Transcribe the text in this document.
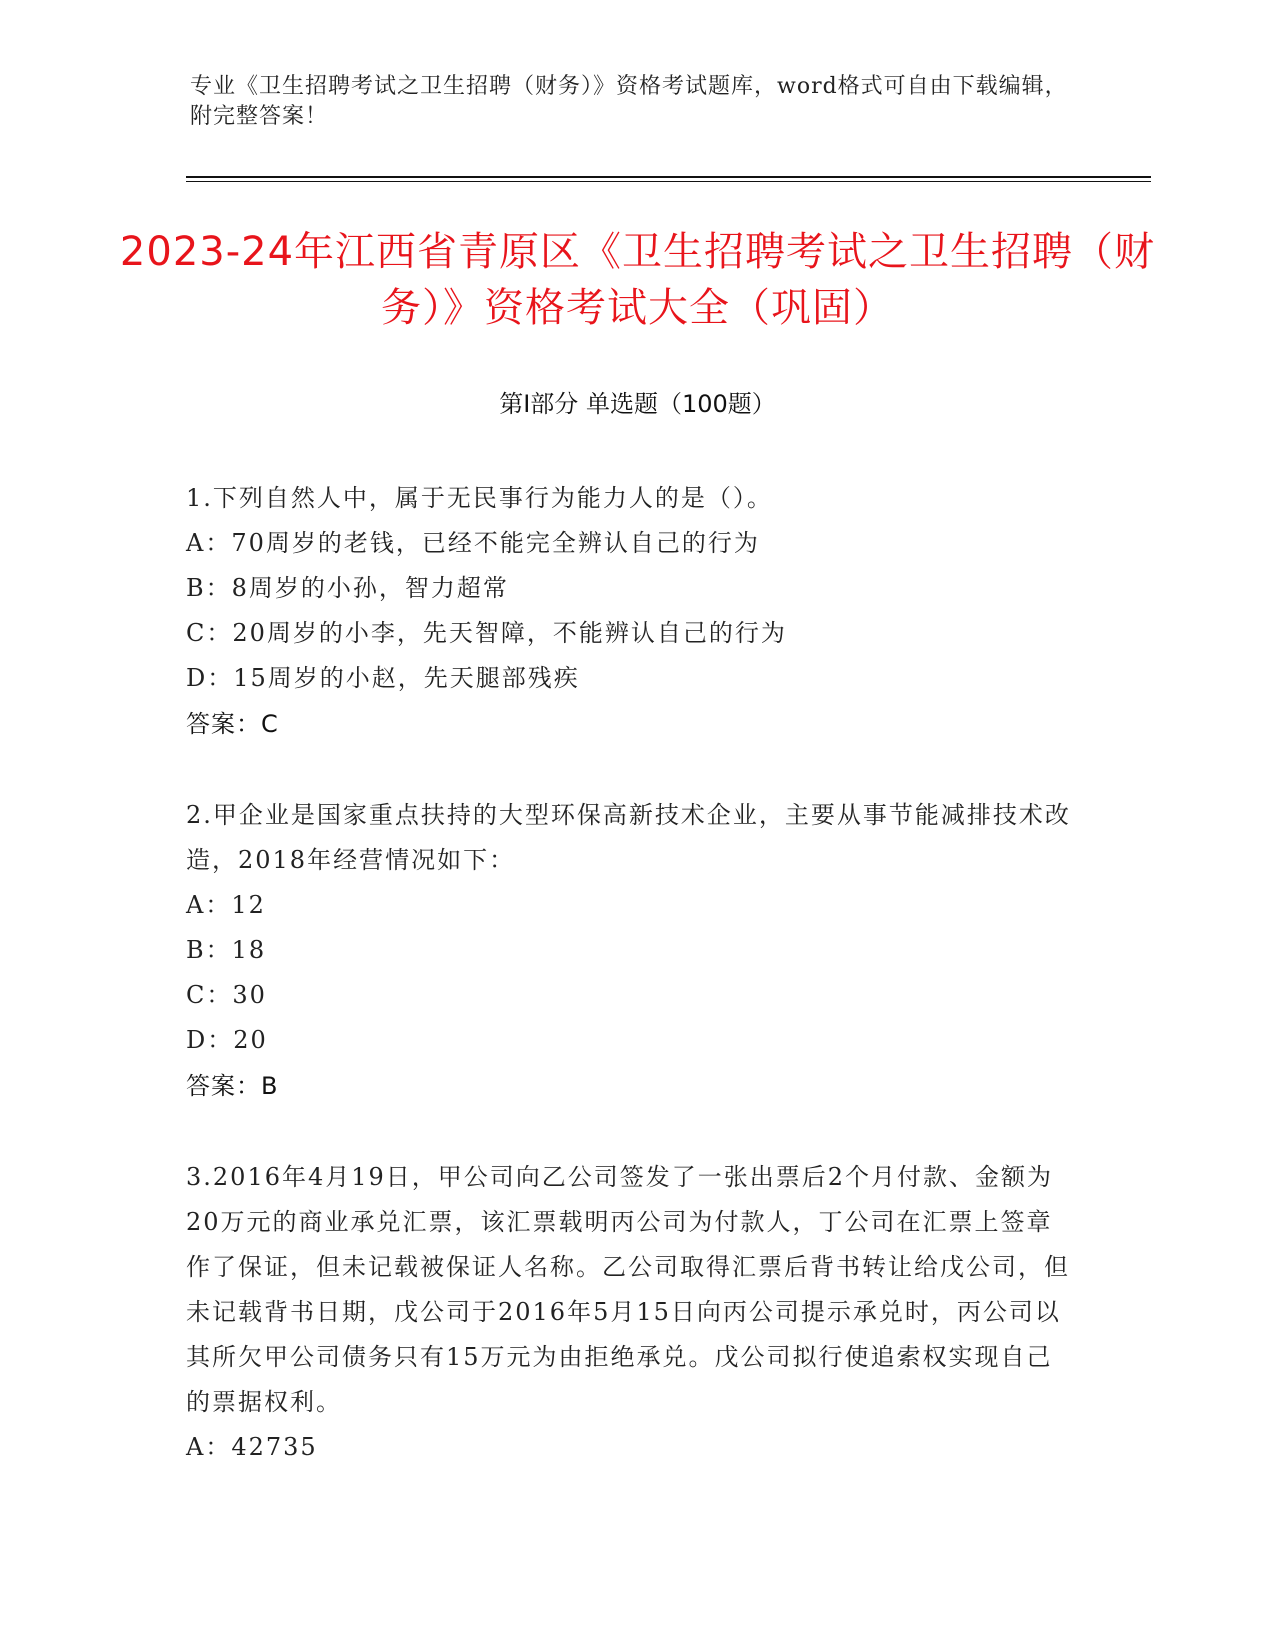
专业《卫生招聘考试之卫生招聘（财务）》资格考试题库，word格式可自由下载编辑，附完整答案！
2023-24年江西省青原区《卫生招聘考试之卫生招聘（财务）》资格考试大全（巩固）
第Ⅰ部分 单选题（100题）

1.下列自然人中，属于无民事行为能力人的是（）。

A：70周岁的老钱，已经不能完全辨认自己的行为

B：8周岁的小孙，智力超常

C：20周岁的小李，先天智障，不能辨认自己的行为

D：15周岁的小赵，先天腿部残疾

答案：C

2.甲企业是国家重点扶持的大型环保高新技术企业，主要从事节能减排技术改造，2018年经营情况如下：

A：12

B：18

C：30

D：20

答案：B

3.2016年4月19日，甲公司向乙公司签发了一张出票后2个月付款、金额为20万元的商业承兑汇票，该汇票载明丙公司为付款人，丁公司在汇票上签章作了保证，但未记载被保证人名称。乙公司取得汇票后背书转让给戊公司，但未记载背书日期，戊公司于2016年5月15日向丙公司提示承兑时，丙公司以其所欠甲公司债务只有15万元为由拒绝承兑。戊公司拟行使追索权实现自己的票据权利。

A：42735
